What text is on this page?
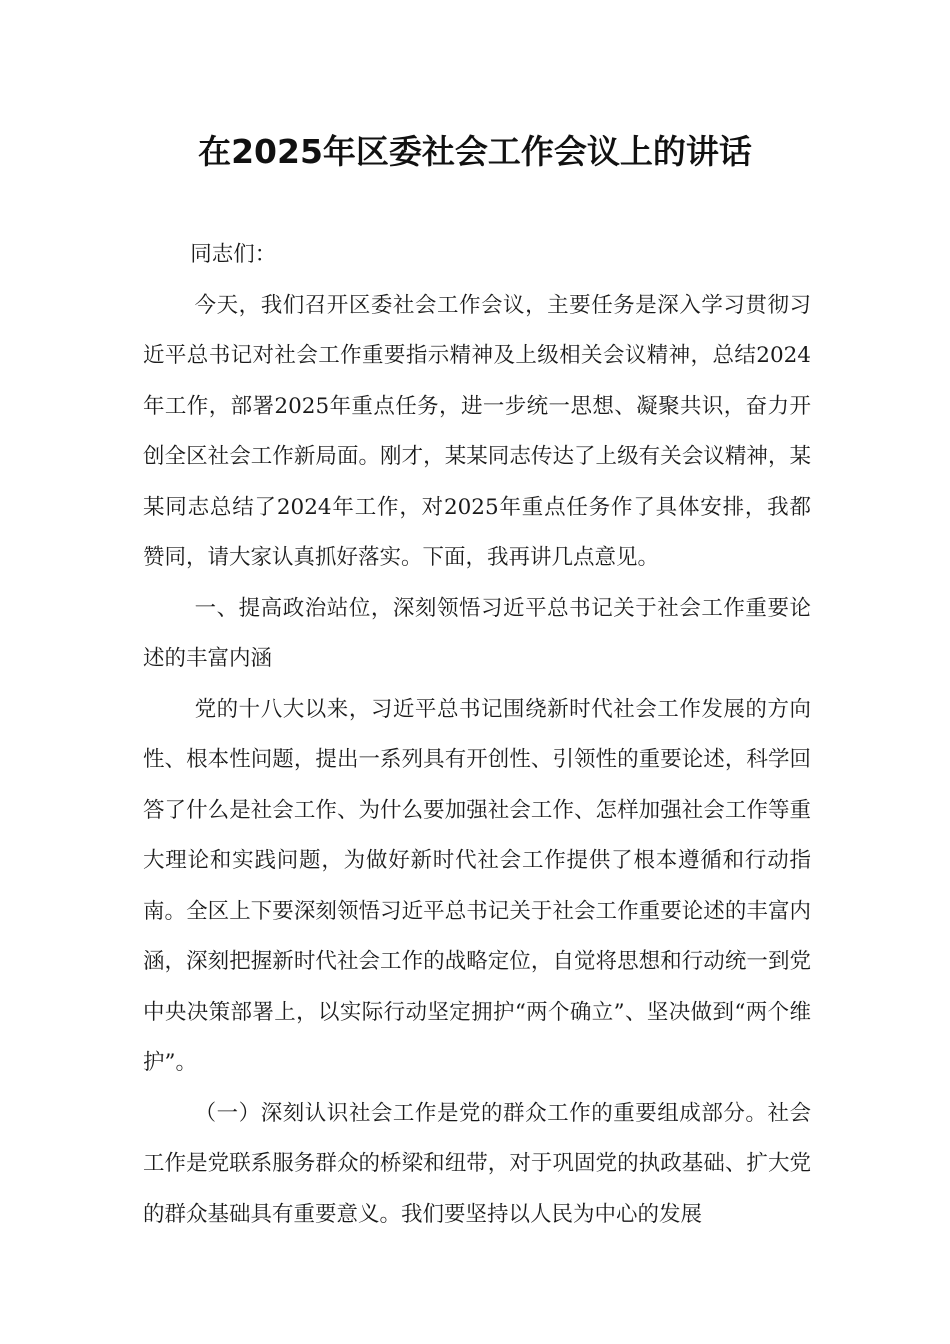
在2025年区委社会工作会议上的讲话

同志们：

今天，我们召开区委社会工作会议，主要任务是深入学习贯彻习近平总书记对社会工作重要指示精神及上级相关会议精神，总结2024年工作，部署2025年重点任务，进一步统一思想、凝聚共识，奋力开创全区社会工作新局面。刚才，某某同志传达了上级有关会议精神，某某同志总结了2024年工作，对2025年重点任务作了具体安排，我都赞同，请大家认真抓好落实。下面，我再讲几点意见。

一、提高政治站位，深刻领悟习近平总书记关于社会工作重要论述的丰富内涵

党的十八大以来，习近平总书记围绕新时代社会工作发展的方向性、根本性问题，提出一系列具有开创性、引领性的重要论述，科学回答了什么是社会工作、为什么要加强社会工作、怎样加强社会工作等重大理论和实践问题，为做好新时代社会工作提供了根本遵循和行动指南。全区上下要深刻领悟习近平总书记关于社会工作重要论述的丰富内涵，深刻把握新时代社会工作的战略定位，自觉将思想和行动统一到党中央决策部署上，以实际行动坚定拥护“两个确立”、坚决做到“两个维护”。

（一）深刻认识社会工作是党的群众工作的重要组成部分。社会工作是党联系服务群众的桥梁和纽带，对于巩固党的执政基础、扩大党的群众基础具有重要意义。我们要坚持以人民为中心的发展
